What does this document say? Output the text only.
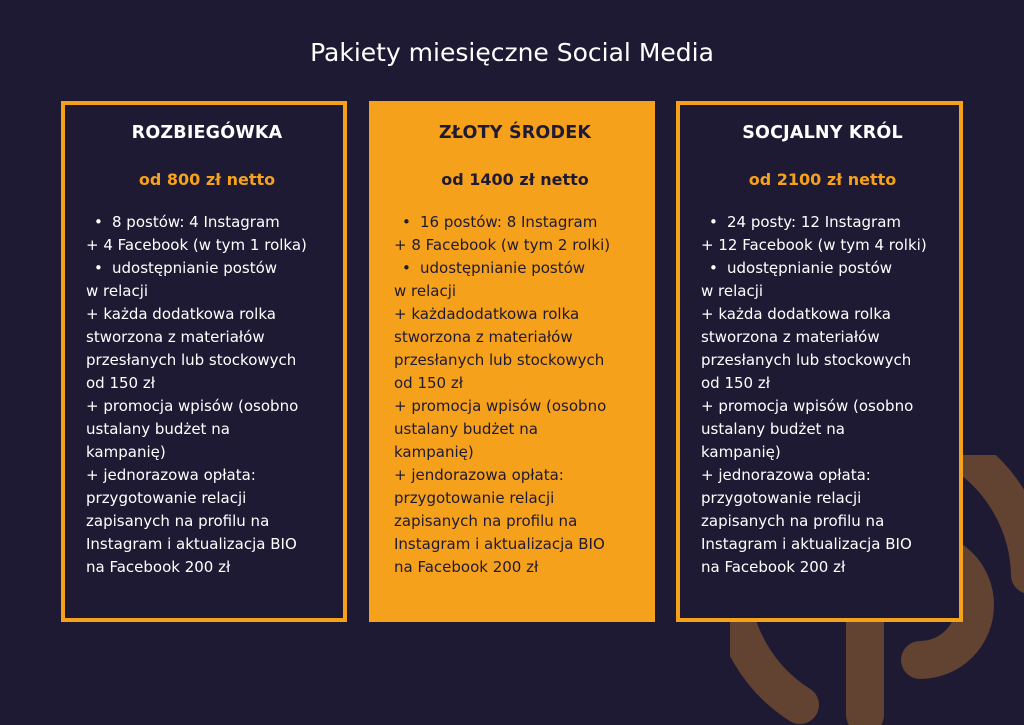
Pakiety miesięczne Social Media
ROZBIEGÓWKA
od 800 zł netto
• 8 postów: 4 Instagram
+ 4 Facebook (w tym 1 rolka)
• udostępnianie postów
w relacji
+ każda dodatkowa rolka
stworzona z materiałów
przesłanych lub stockowych
od 150 zł
+ promocja wpisów (osobno
ustalany budżet na
kampanię)
+ jednorazowa opłata:
przygotowanie relacji
zapisanych na profilu na
Instagram i aktualizacja BIO
na Facebook 200 zł
ZŁOTY ŚRODEK
od 1400 zł netto
• 16 postów: 8 Instagram
+ 8 Facebook (w tym 2 rolki)
• udostępnianie postów
w relacji
+ każdadodatkowa rolka
stworzona z materiałów
przesłanych lub stockowych
od 150 zł
+ promocja wpisów (osobno
ustalany budżet na
kampanię)
+ jendorazowa opłata:
przygotowanie relacji
zapisanych na profilu na
Instagram i aktualizacja BIO
na Facebook 200 zł
SOCJALNY KRÓL
od 2100 zł netto
• 24 posty: 12 Instagram
+ 12 Facebook (w tym 4 rolki)
• udostępnianie postów
w relacji
+ każda dodatkowa rolka
stworzona z materiałów
przesłanych lub stockowych
od 150 zł
+ promocja wpisów (osobno
ustalany budżet na
kampanię)
+ jednorazowa opłata:
przygotowanie relacji
zapisanych na profilu na
Instagram i aktualizacja BIO
na Facebook 200 zł
